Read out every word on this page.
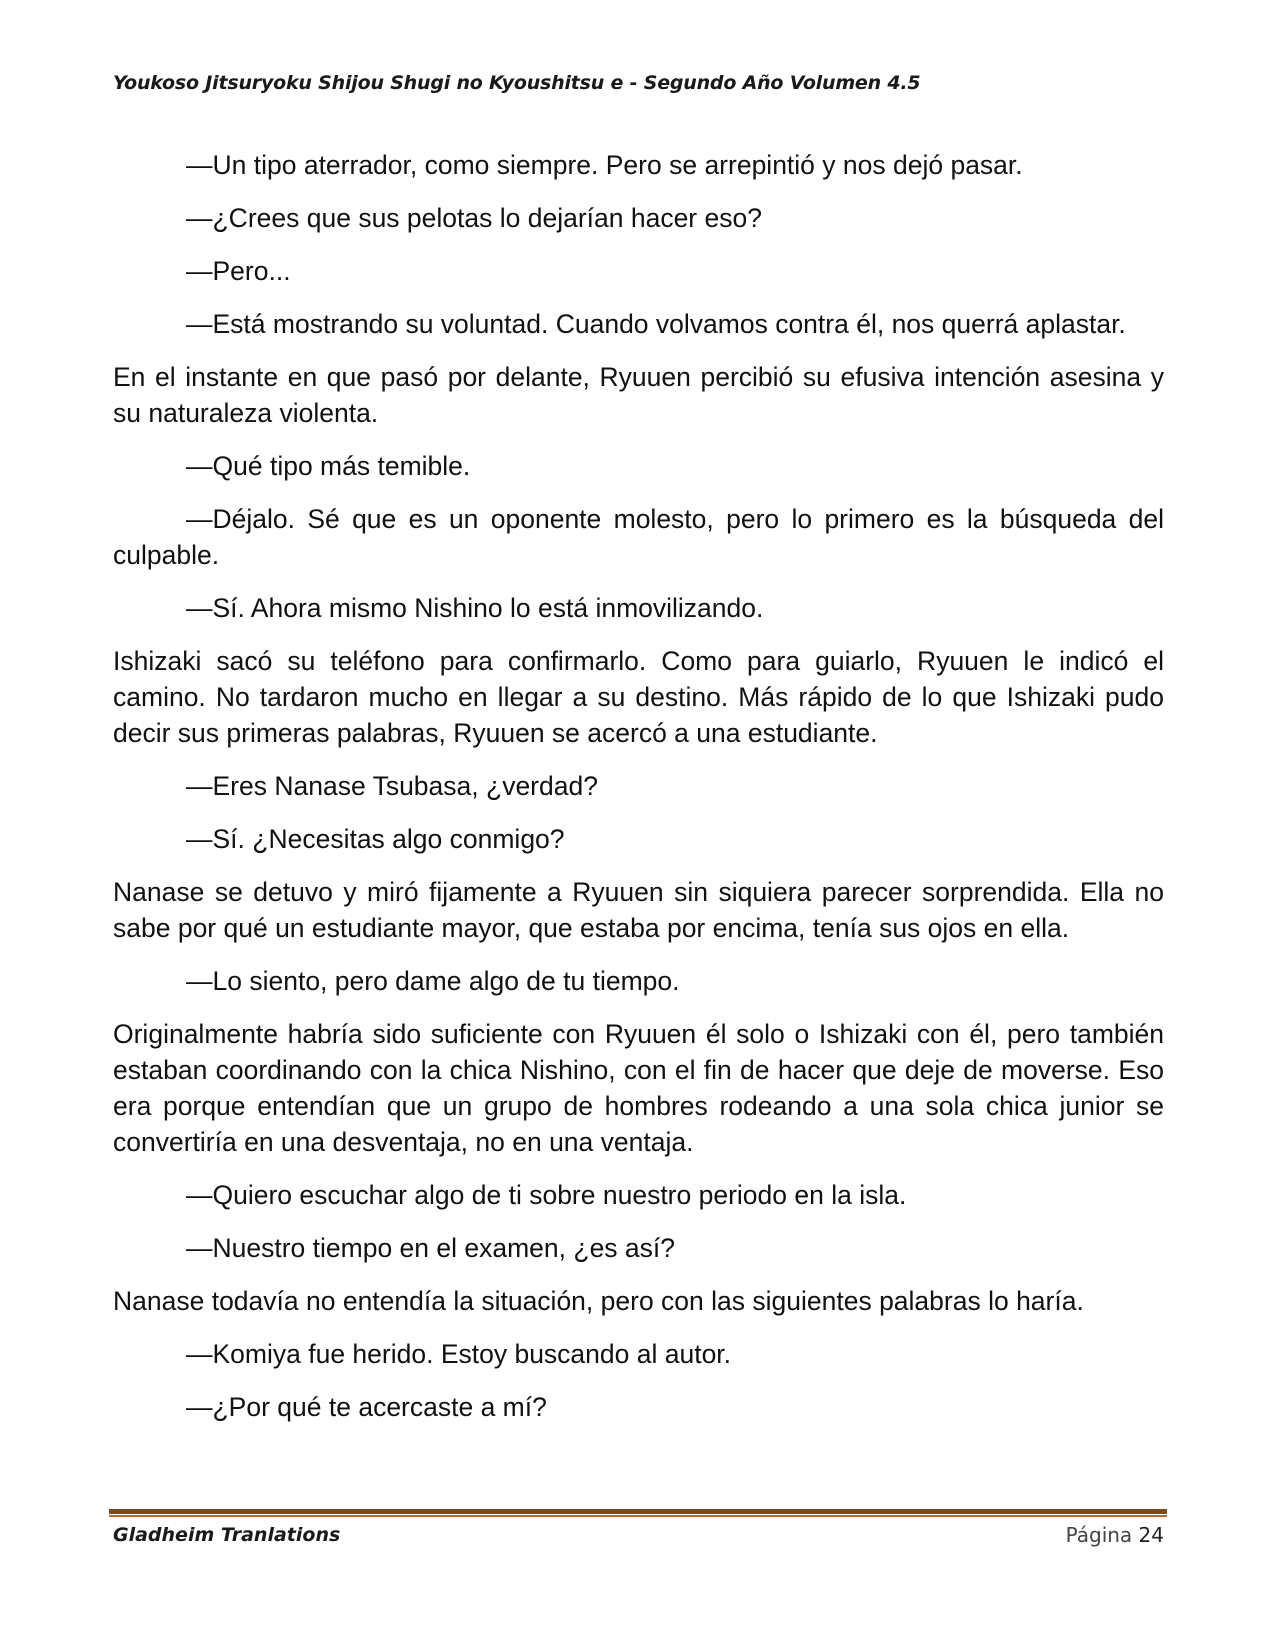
Youkoso Jitsuryoku Shijou Shugi no Kyoushitsu e - Segundo Año Volumen 4.5

—Un tipo aterrador, como siempre. Pero se arrepintió y nos dejó pasar.

—¿Crees que sus pelotas lo dejarían hacer eso?

—Pero...

—Está mostrando su voluntad. Cuando volvamos contra él, nos querrá aplastar.

En el instante en que pasó por delante, Ryuuen percibió su efusiva intención asesina y su naturaleza violenta.

—Qué tipo más temible.

—Déjalo. Sé que es un oponente molesto, pero lo primero es la búsqueda del culpable.

—Sí. Ahora mismo Nishino lo está inmovilizando.

Ishizaki sacó su teléfono para confirmarlo. Como para guiarlo, Ryuuen le indicó el camino. No tardaron mucho en llegar a su destino. Más rápido de lo que Ishizaki pudo decir sus primeras palabras, Ryuuen se acercó a una estudiante.

—Eres Nanase Tsubasa, ¿verdad?

—Sí. ¿Necesitas algo conmigo?

Nanase se detuvo y miró fijamente a Ryuuen sin siquiera parecer sorprendida. Ella no sabe por qué un estudiante mayor, que estaba por encima, tenía sus ojos en ella.

—Lo siento, pero dame algo de tu tiempo.

Originalmente habría sido suficiente con Ryuuen él solo o Ishizaki con él, pero también estaban coordinando con la chica Nishino, con el fin de hacer que deje de moverse. Eso era porque entendían que un grupo de hombres rodeando a una sola chica junior se convertiría en una desventaja, no en una ventaja.

—Quiero escuchar algo de ti sobre nuestro periodo en la isla.

—Nuestro tiempo en el examen, ¿es así?

Nanase todavía no entendía la situación, pero con las siguientes palabras lo haría.

—Komiya fue herido. Estoy buscando al autor.

—¿Por qué te acercaste a mí?

Gladheim Tranlations	Página 24
